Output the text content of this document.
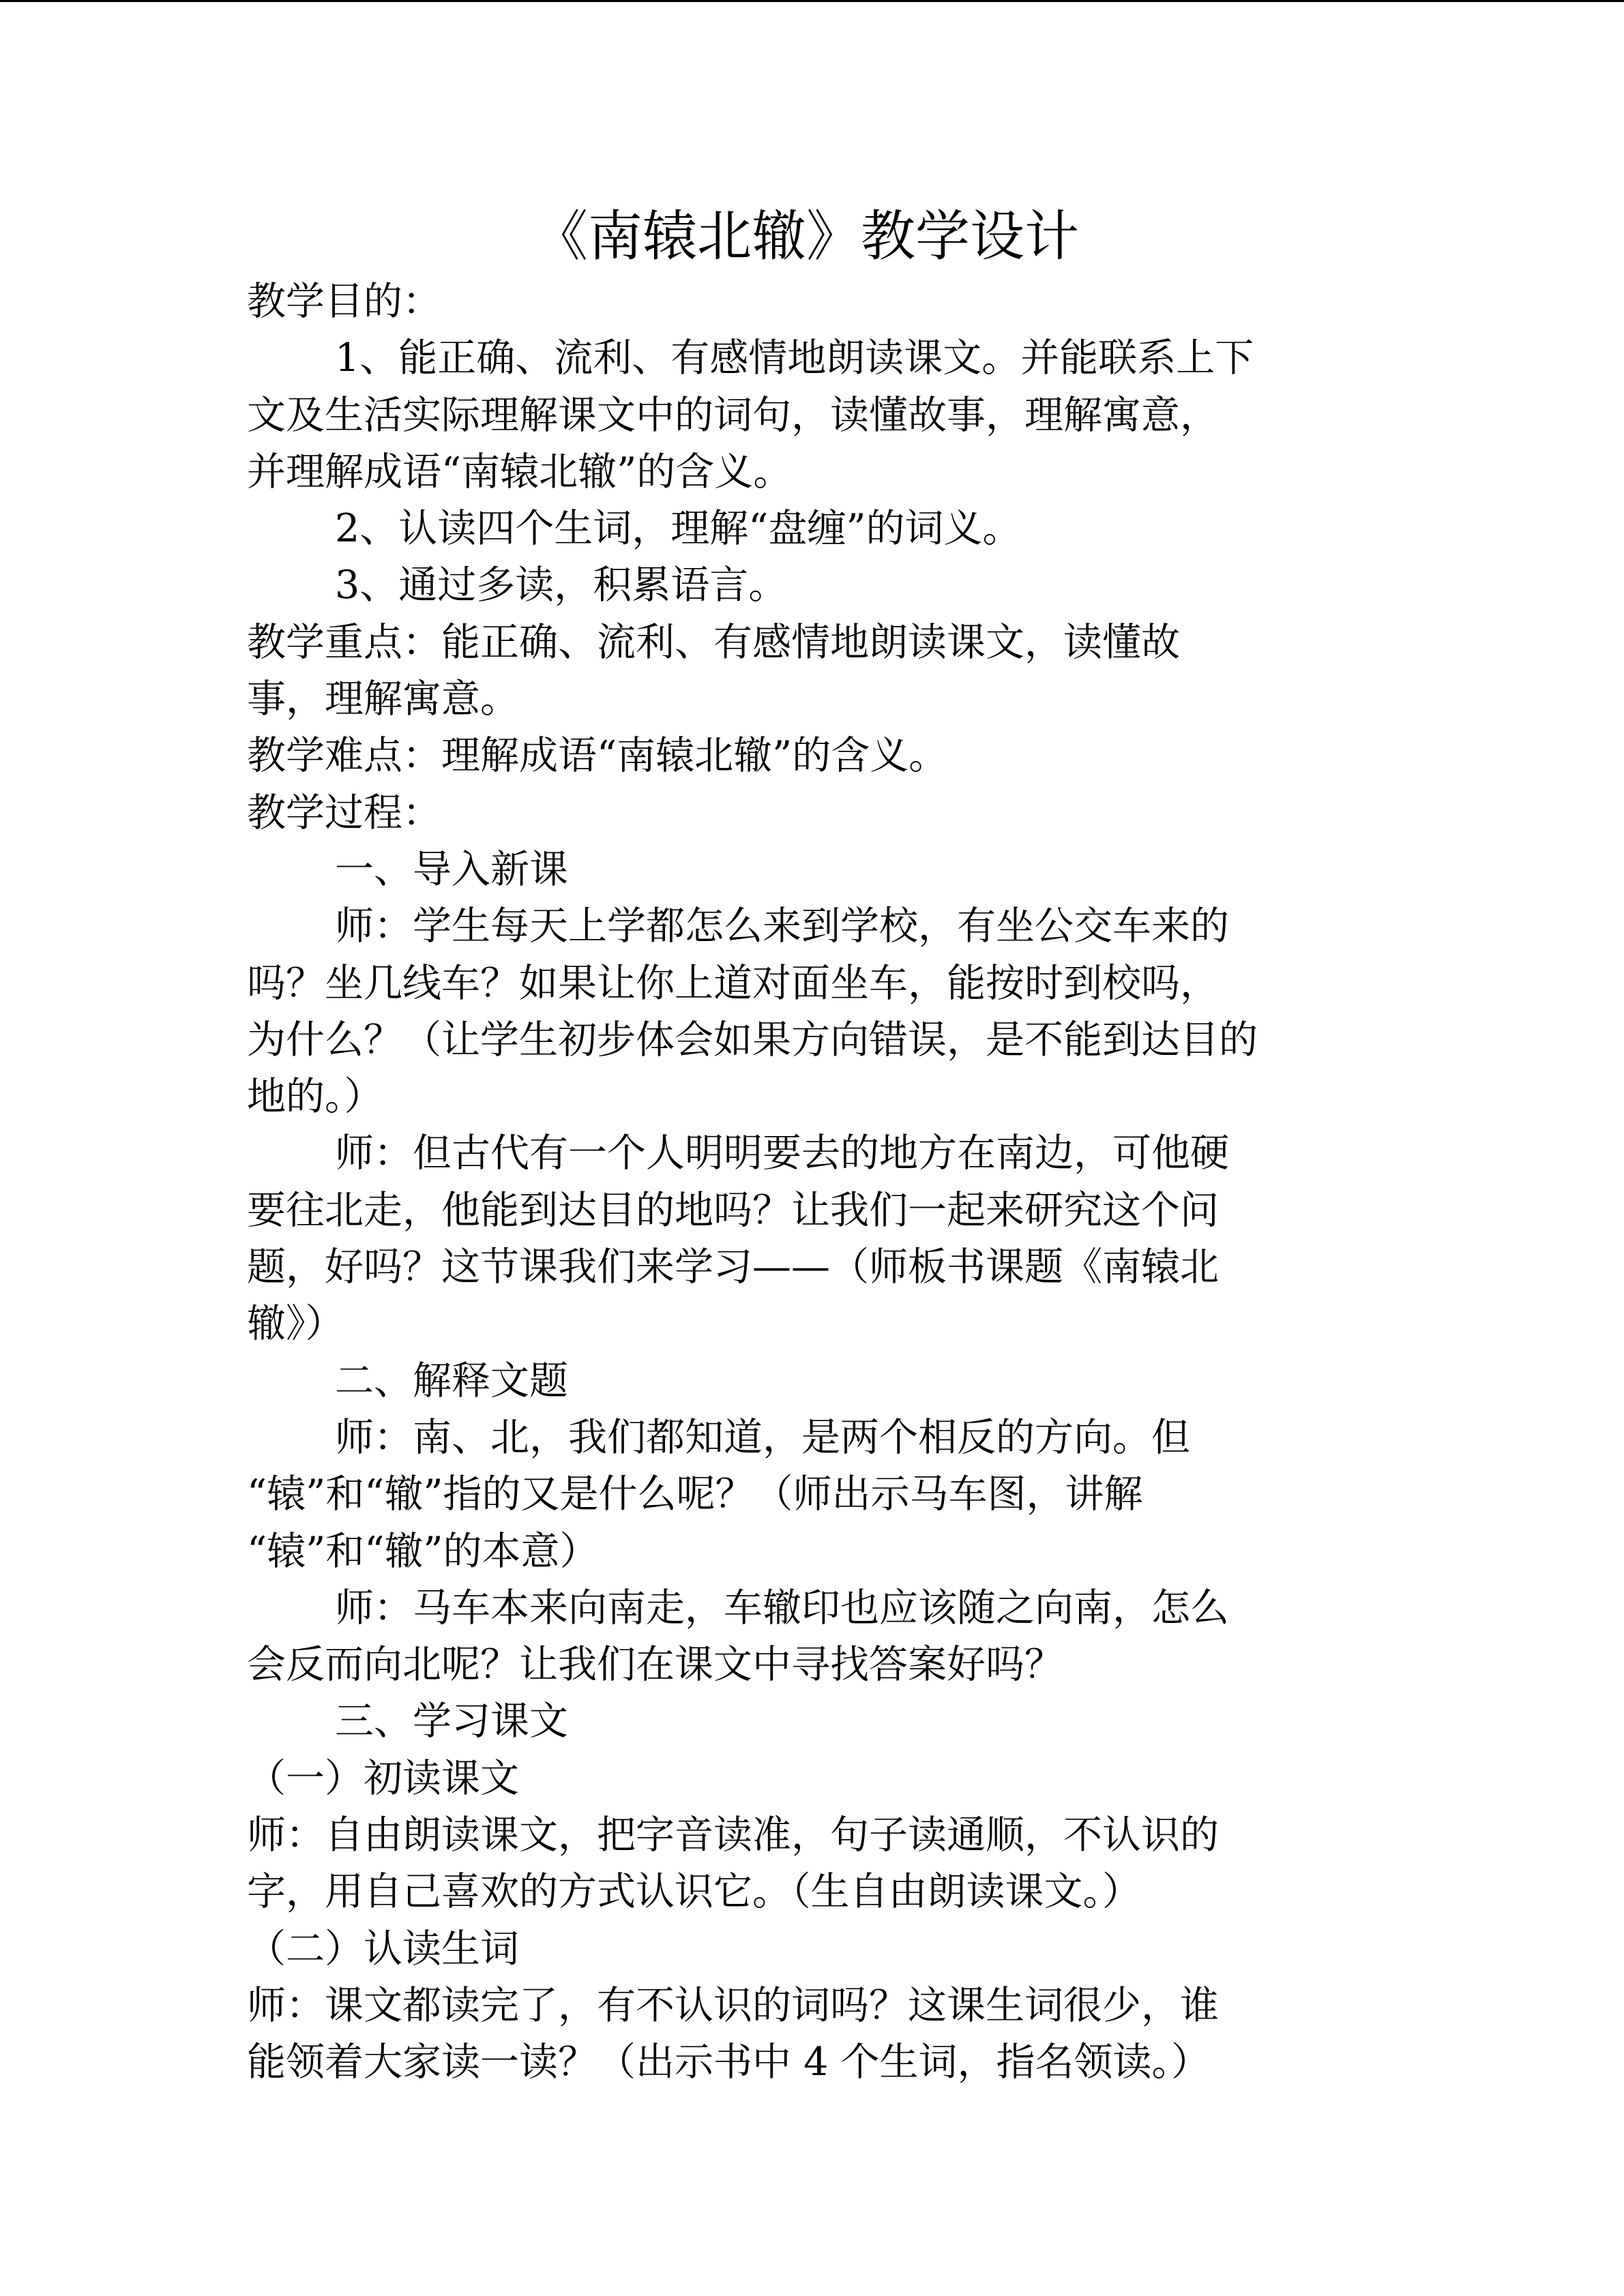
《南辕北辙》教学设计

教学目的：

1、能正确、流利、有感情地朗读课文。并能联系上下

文及生活实际理解课文中的词句，读懂故事，理解寓意，

并理解成语“南辕北辙”的含义。

2、认读四个生词，理解“盘缠”的词义。

3、通过多读，积累语言。

教学重点：能正确、流利、有感情地朗读课文，读懂故

事，理解寓意。

教学难点：理解成语“南辕北辙”的含义。

教学过程：

一、导入新课

师：学生每天上学都怎么来到学校，有坐公交车来的

吗？坐几线车？如果让你上道对面坐车，能按时到校吗，

为什么？（让学生初步体会如果方向错误，是不能到达目的

地的。）

师：但古代有一个人明明要去的地方在南边，可他硬

要往北走，他能到达目的地吗？让我们一起来研究这个问

题，好吗？这节课我们来学习——（师板书课题《南辕北

辙》）

二、解释文题

师：南、北，我们都知道，是两个相反的方向。但

“辕”和“辙”指的又是什么呢？（师出示马车图，讲解

“辕”和“辙”的本意）

师：马车本来向南走，车辙印也应该随之向南，怎么

会反而向北呢？让我们在课文中寻找答案好吗？

三、学习课文

（一）初读课文

师：自由朗读课文，把字音读准，句子读通顺，不认识的

字，用自己喜欢的方式认识它。（生自由朗读课文。）

（二）认读生词

师：课文都读完了，有不认识的词吗？这课生词很少，谁

能领着大家读一读？（出示书中 4 个生词，指名领读。）
